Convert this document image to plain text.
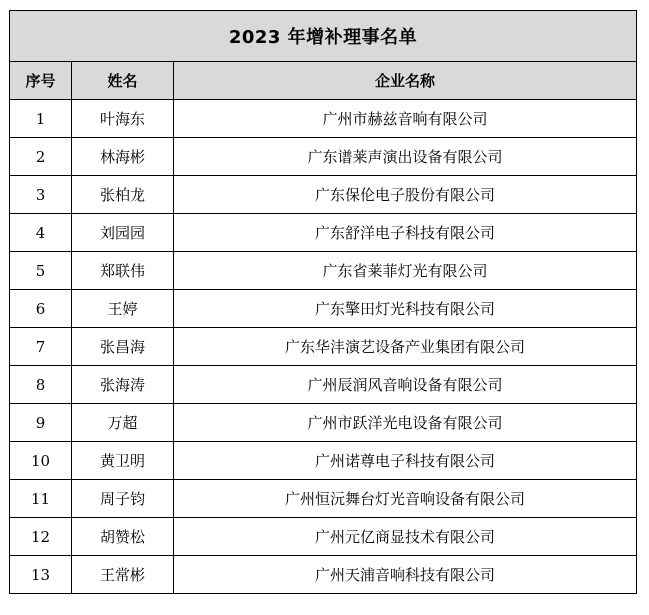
2023 年增补理事名单		
序号	姓名	企业名称
1	叶海东	广州市赫兹音响有限公司
2	林海彬	广东谱莱声演出设备有限公司
3	张柏龙	广东保伦电子股份有限公司
4	刘园园	广东舒洋电子科技有限公司
5	郑联伟	广东省莱菲灯光有限公司
6	王婷	广东擎田灯光科技有限公司
7	张昌海	广东华沣演艺设备产业集团有限公司
8	张海涛	广州辰润风音响设备有限公司
9	万超	广州市跃洋光电设备有限公司
10	黄卫明	广州诺尊电子科技有限公司
11	周子钧	广州恒沅舞台灯光音响设备有限公司
12	胡赞松	广州元亿商显技术有限公司
13	王常彬	广州天浦音响科技有限公司
